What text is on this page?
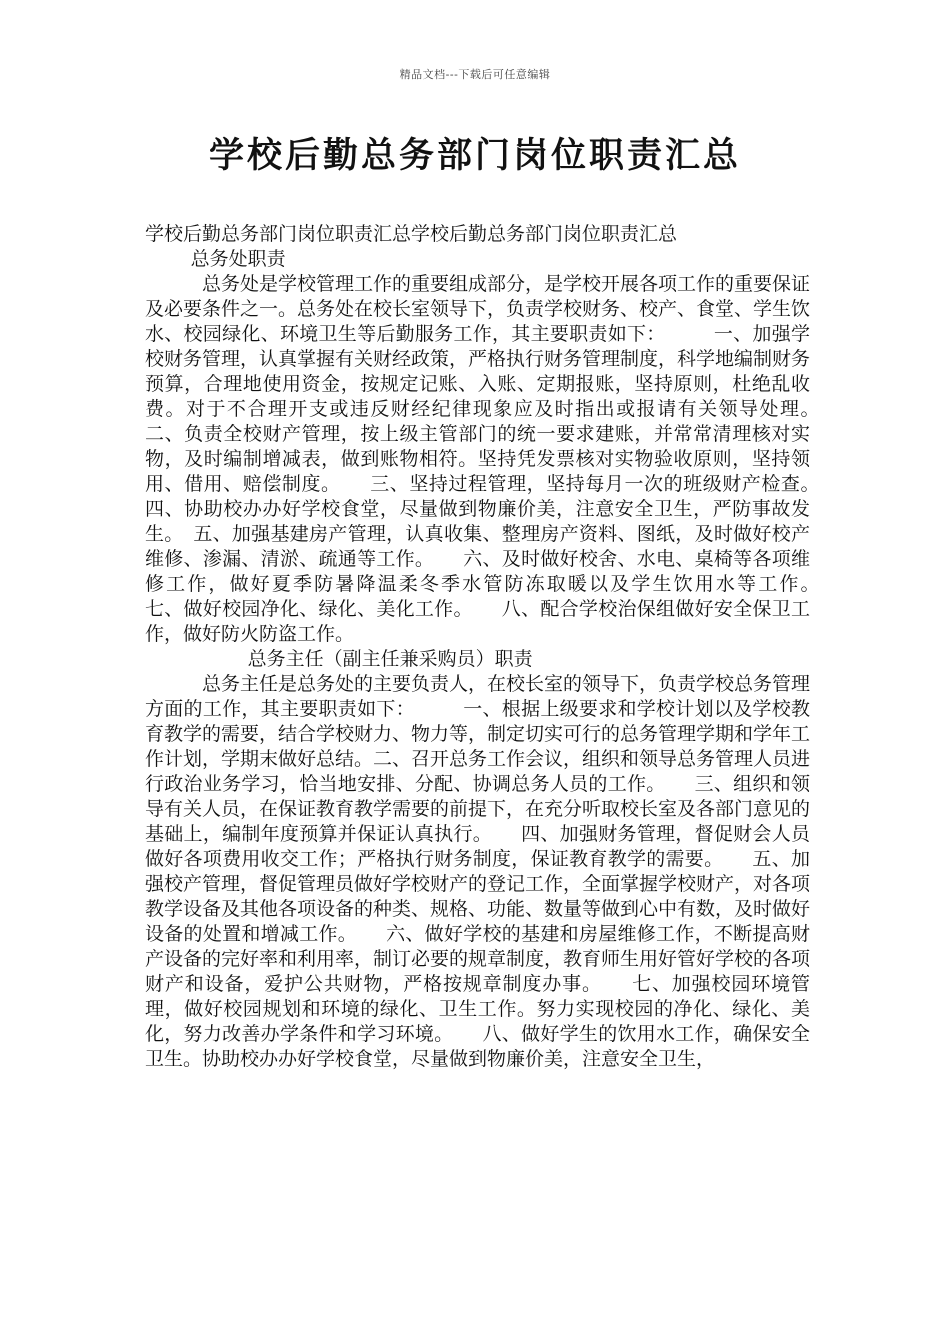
精品文档---下载后可任意编辑
学校后勤总务部门岗位职责汇总

学校后勤总务部门岗位职责汇总学校后勤总务部门岗位职责汇总

总务处职责

总务处是学校管理工作的重要组成部分，是学校开展各项工作的重要保证及必要条件之一。总务处在校长室领导下，负责学校财务、校产、食堂、学生饮水、校园绿化、环境卫生等后勤服务工作，其主要职责如下：　　　一、加强学校财务管理，认真掌握有关财经政策，严格执行财务管理制度，科学地编制财务预算，合理地使用资金，按规定记账、入账、定期报账，坚持原则，杜绝乱收费。对于不合理开支或违反财经纪律现象应及时指出或报请有关领导处理。　　二、负责全校财产管理，按上级主管部门的统一要求建账，并常常清理核对实物，及时编制增减表，做到账物相符。坚持凭发票核对实物验收原则，坚持领用、借用、赔偿制度。　　三、坚持过程管理，坚持每月一次的班级财产检查。　　四、协助校办办好学校食堂，尽量做到物廉价美，注意安全卫生，严防事故发生。　五、加强基建房产管理，认真收集、整理房产资料、图纸，及时做好校产维修、渗漏、清淤、疏通等工作。　　六、及时做好校舍、水电、桌椅等各项维修工作，做好夏季防暑降温柔冬季水管防冻取暖以及学生饮用水等工作。　　七、做好校园净化、绿化、美化工作。　　八、配合学校治保组做好安全保卫工作，做好防火防盗工作。

总务主任（副主任兼采购员）职责

总务主任是总务处的主要负责人，在校长室的领导下，负责学校总务管理方面的工作，其主要职责如下：　　　一、根据上级要求和学校计划以及学校教育教学的需要，结合学校财力、物力等，制定切实可行的总务管理学期和学年工作计划，学期末做好总结。二、召开总务工作会议，组织和领导总务管理人员进行政治业务学习，恰当地安排、分配、协调总务人员的工作。　　三、组织和领导有关人员，在保证教育教学需要的前提下，在充分听取校长室及各部门意见的基础上，编制年度预算并保证认真执行。　　四、加强财务管理，督促财会人员做好各项费用收交工作；严格执行财务制度，保证教育教学的需要。　　五、加强校产管理，督促管理员做好学校财产的登记工作，全面掌握学校财产，对各项教学设备及其他各项设备的种类、规格、功能、数量等做到心中有数，及时做好设备的处置和增减工作。　　六、做好学校的基建和房屋维修工作，不断提高财产设备的完好率和利用率，制订必要的规章制度，教育师生用好管好学校的各项财产和设备，爱护公共财物，严格按规章制度办事。　　七、加强校园环境管理，做好校园规划和环境的绿化、卫生工作。努力实现校园的净化、绿化、美化，努力改善办学条件和学习环境。　　八、做好学生的饮用水工作，确保安全卫生。协助校办办好学校食堂，尽量做到物廉价美，注意安全卫生，
